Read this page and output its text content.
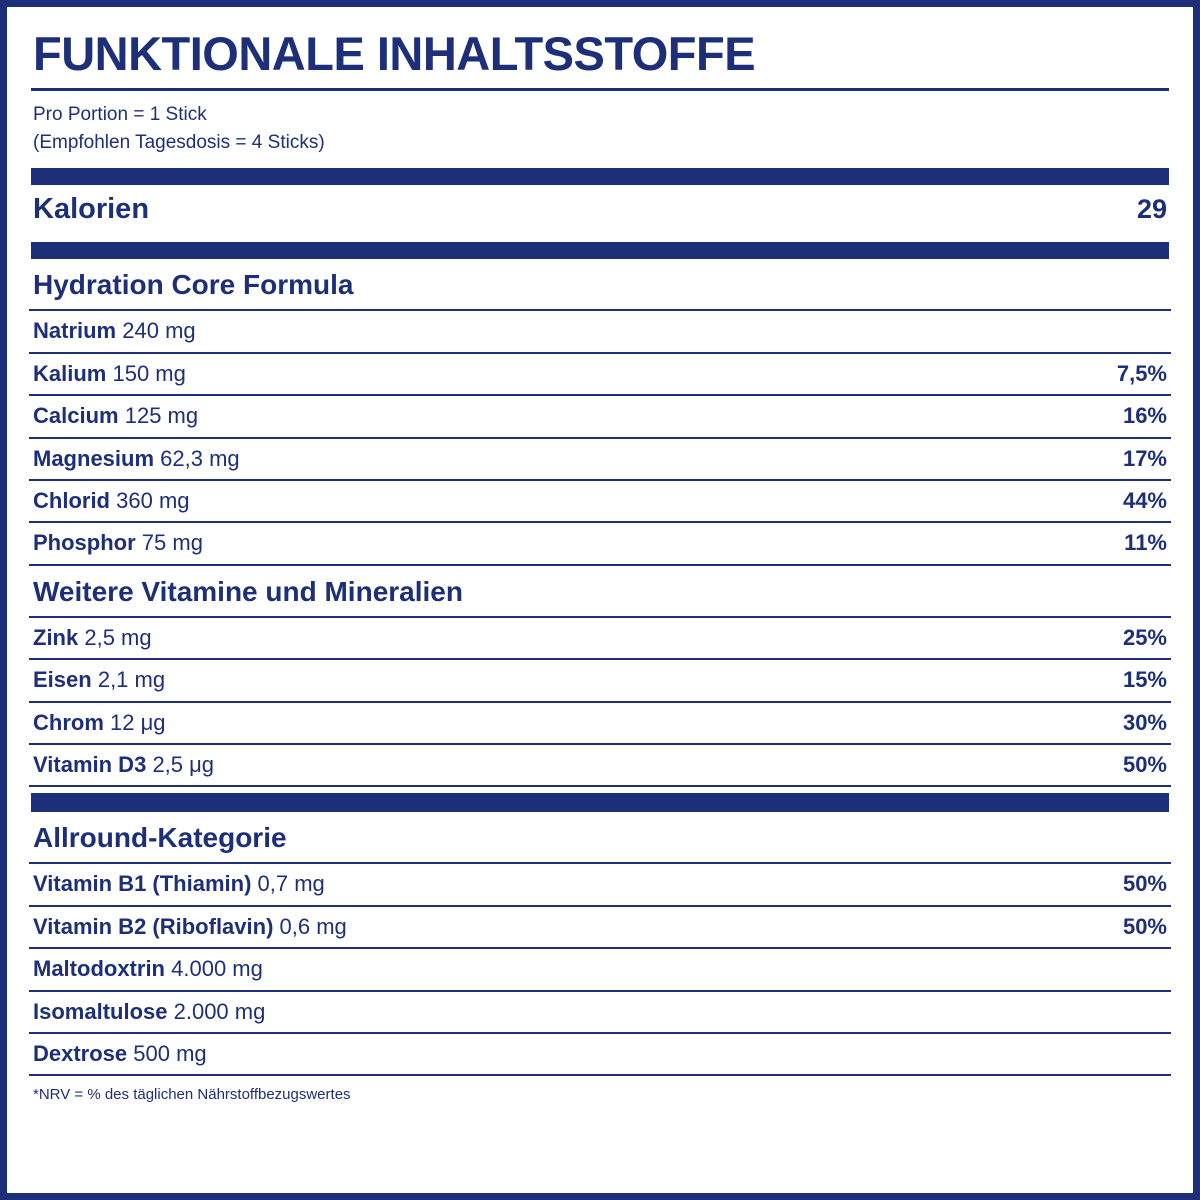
FUNKTIONALE INHALTSSTOFFE
Pro Portion = 1 Stick
(Empfohlen Tagesdosis = 4 Sticks)
Kalorien	29
Hydration Core Formula
Natrium 240 mg
Kalium 150 mg	7,5%
Calcium 125 mg	16%
Magnesium 62,3 mg	17%
Chlorid 360 mg	44%
Phosphor 75 mg	11%
Weitere Vitamine und Mineralien
Zink 2,5 mg	25%
Eisen 2,1 mg	15%
Chrom 12 μg	30%
Vitamin D3 2,5 μg	50%
Allround-Kategorie
Vitamin B1 (Thiamin) 0,7 mg	50%
Vitamin B2 (Riboflavin) 0,6 mg	50%
Maltodoxtrin 4.000 mg
Isomaltulose 2.000 mg
Dextrose 500 mg
*NRV = % des täglichen Nährstoffbezugswertes
